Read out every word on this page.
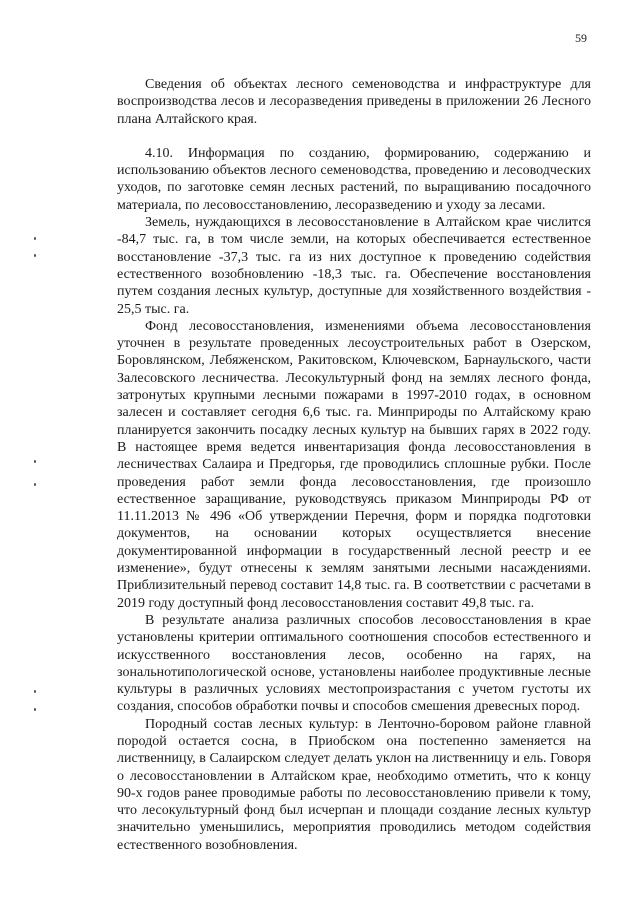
59

Сведения об объектах лесного семеноводства и инфраструктуре для воспроизводства лесов и лесоразведения приведены в приложении 26 Лесного плана Алтайского края.

4.10. Информация по созданию, формированию, содержанию и использованию объектов лесного семеноводства, проведению и лесоводческих уходов, по заготовке семян лесных растений, по выращиванию посадочного материала, по лесовосстановлению, лесоразведению и уходу за лесами.

Земель, нуждающихся в лесовосстановление в Алтайском крае числится -84,7 тыс. га, в том числе земли, на которых обеспечивается естественное восстановление -37,3 тыс. га из них доступное к проведению содействия естественного возобновлению -18,3 тыс. га. Обеспечение восстановления путем создания лесных культур, доступные для хозяйственного воздействия - 25,5 тыс. га.

Фонд лесовосстановления, изменениями объема лесовосстановления уточнен в результате проведенных лесоустроительных работ в Озерском, Боровлянском, Лебяженском, Ракитовском, Ключевском, Барнаульского, части Залесовского лесничества. Лесокультурный фонд на землях лесного фонда, затронутых крупными лесными пожарами в 1997-2010 годах, в основном залесен и составляет сегодня 6,6 тыс. га. Минприроды по Алтайскому краю планируется закончить посадку лесных культур на бывших гарях в 2022 году. В настоящее время ведется инвентаризация фонда лесовосстановления в лесничествах Салаира и Предгорья, где проводились сплошные рубки. После проведения работ земли фонда лесовосстановления, где произошло естественное заращивание, руководствуясь приказом Минприроды РФ от 11.11.2013 № 496 «Об утверждении Перечня, форм и порядка подготовки документов, на основании которых осуществляется внесение документированной информации в государственный лесной реестр и ее изменение», будут отнесены к землям занятыми лесными насаждениями. Приблизительный перевод составит 14,8 тыс. га. В соответствии с расчетами в 2019 году доступный фонд лесовосстановления составит 49,8 тыс. га.

В результате анализа различных способов лесовосстановления в крае установлены критерии оптимального соотношения способов естественного и искусственного восстановления лесов, особенно на гарях, на зональнотипологической основе, установлены наиболее продуктивные лесные культуры в различных условиях местопроизрастания с учетом густоты их создания, способов обработки почвы и способов смешения древесных пород.

Породный состав лесных культур: в Ленточно-боровом районе главной породой остается сосна, в Приобском она постепенно заменяется на лиственницу, в Салаирском следует делать уклон на лиственницу и ель. Говоря о лесовосстановлении в Алтайском крае, необходимо отметить, что к концу 90-х годов ранее проводимые работы по лесовосстановлению привели к тому, что лесокультурный фонд был исчерпан и площади создание лесных культур значительно уменьшились, мероприятия проводились методом содействия естественного возобновления.
